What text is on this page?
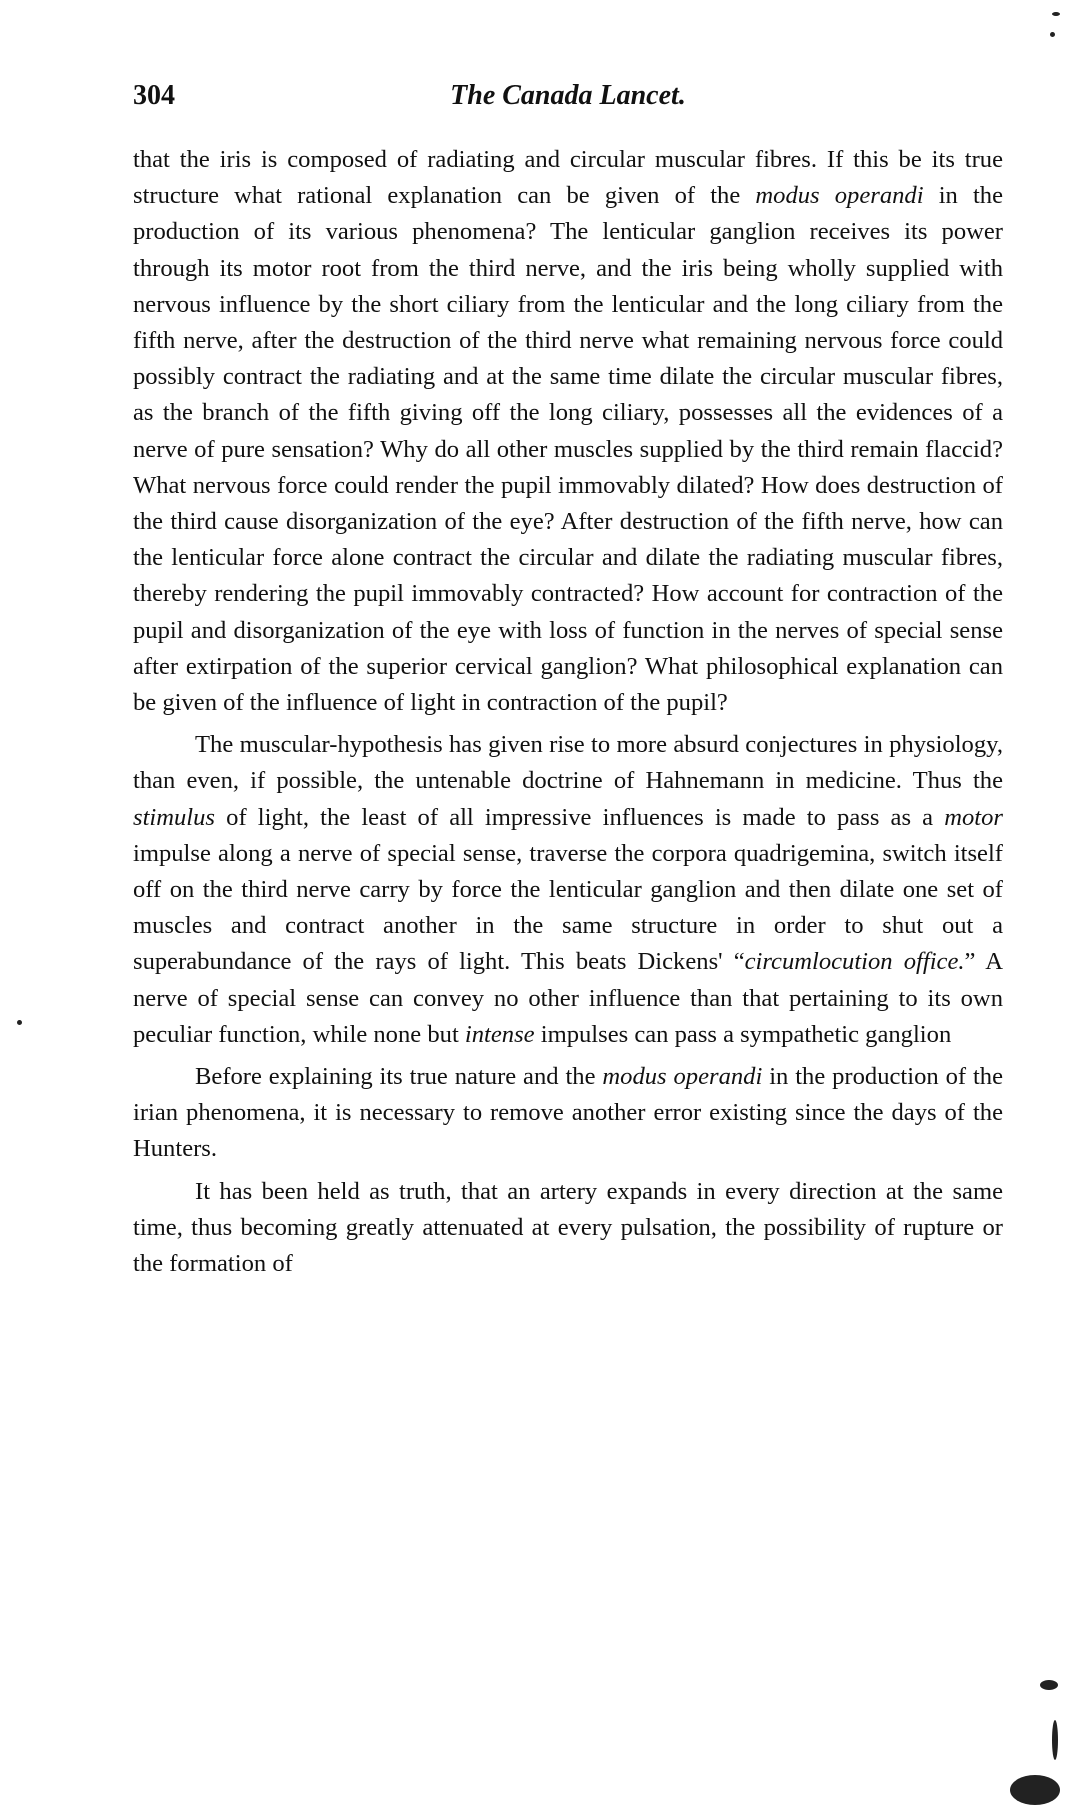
304	The Canada Lancet.

that the iris is composed of radiating and circular muscular fibres. If this be its true structure what rational explanation can be given of the modus operandi in the production of its various phenomena? The lenticular ganglion receives its power through its motor root from the third nerve, and the iris being wholly supplied with nervous influence by the short ciliary from the lenticular and the long ciliary from the fifth nerve, after the destruction of the third nerve what remaining nervous force could possibly contract the radiating and at the same time dilate the circular muscular fibres, as the branch of the fifth giving off the long ciliary, possesses all the evidences of a nerve of pure sensation? Why do all other muscles supplied by the third remain flaccid? What nervous force could render the pupil immovably dilated? How does destruction of the third cause disorganization of the eye? After destruction of the fifth nerve, how can the lenticular force alone contract the circular and dilate the radiating muscular fibres, thereby rendering the pupil immovably contracted? How account for contraction of the pupil and disorganization of the eye with loss of function in the nerves of special sense after extirpation of the superior cervical ganglion? What philosophical explanation can be given of the influence of light in contraction of the pupil?

The muscular-hypothesis has given rise to more absurd conjectures in physiology, than even, if possible, the untenable doctrine of Hahnemann in medicine. Thus the stimulus of light, the least of all impressive influences is made to pass as a motor impulse along a nerve of special sense, traverse the corpora quadrigemina, switch itself off on the third nerve carry by force the lenticular ganglion and then dilate one set of muscles and contract another in the same structure in order to shut out a superabundance of the rays of light. This beats Dickens' “circumlocution office.” A nerve of special sense can convey no other influence than that pertaining to its own peculiar function, while none but intense impulses can pass a sympathetic ganglion

Before explaining its true nature and the modus operandi in the production of the irian phenomena, it is necessary to remove another error existing since the days of the Hunters.

It has been held as truth, that an artery expands in every direction at the same time, thus becoming greatly attenuated at every pulsation, the possibility of rupture or the formation of
